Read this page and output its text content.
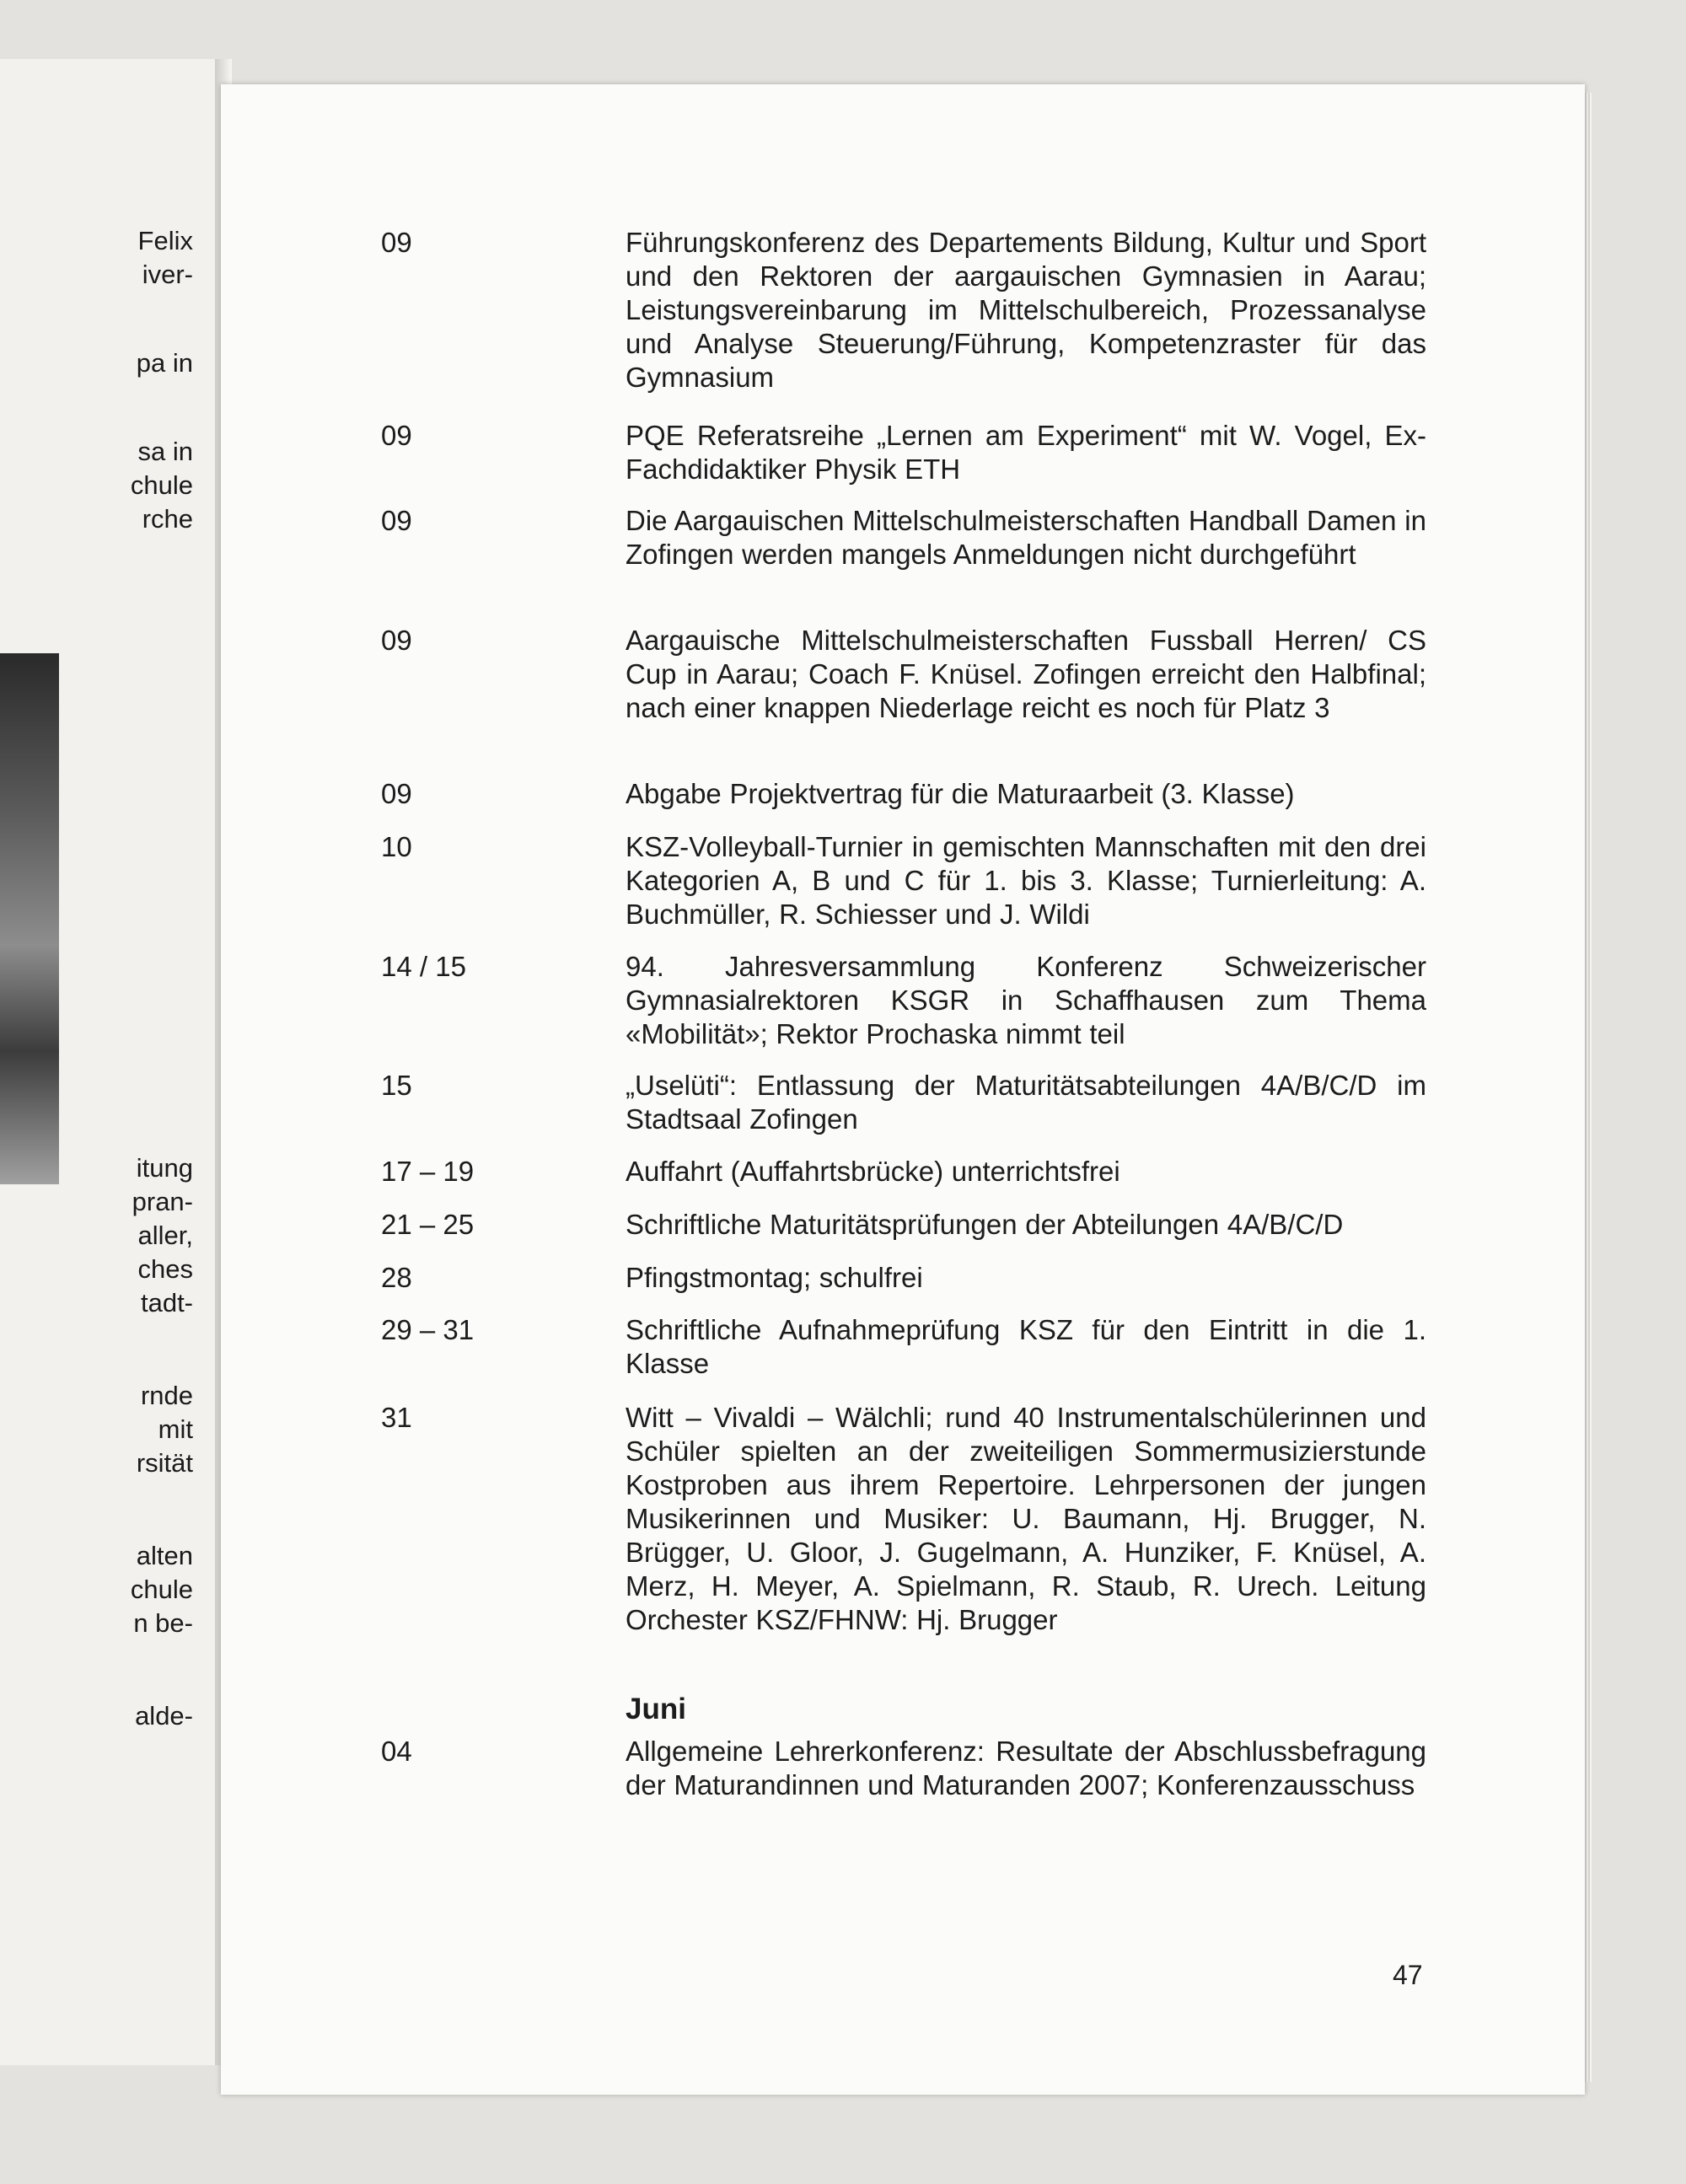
Felix
iver-
pa in
sa in
chule
rche
itung
pran-
aller,
ches
tadt-
rnde
mit
rsität
alten
chule
n be-
alde-
09	Führungskonferenz des Departements Bildung, Kultur und Sport und den Rektoren der aargauischen Gymnasien in Aarau; Leistungsvereinbarung im Mittelschulbereich, Prozessanalyse und Analyse Steuerung/Führung, Kompetenzraster für das Gymnasium
09	PQE Referatsreihe „Lernen am Experiment“ mit W. Vogel, Ex-Fachdidaktiker Physik ETH
09	Die Aargauischen Mittelschulmeisterschaften Handball Damen in Zofingen werden mangels Anmeldungen nicht durchgeführt
09	Aargauische Mittelschulmeisterschaften Fussball Herren/ CS Cup in Aarau; Coach F. Knüsel. Zofingen erreicht den Halbfinal; nach einer knappen Niederlage reicht es noch für Platz 3
09	Abgabe Projektvertrag für die Maturaarbeit (3. Klasse)
10	KSZ-Volleyball-Turnier in gemischten Mannschaften mit den drei Kategorien A, B und C für 1. bis 3. Klasse; Turnierleitung: A. Buchmüller, R. Schiesser und J. Wildi
14 / 15	94. Jahresversammlung Konferenz Schweizerischer Gymnasialrektoren KSGR in Schaffhausen zum Thema «Mobilität»; Rektor Prochaska nimmt teil
15	„Uselüti“: Entlassung der Maturitätsabteilungen 4A/B/C/D im Stadtsaal Zofingen
17 – 19	Auffahrt (Auffahrtsbrücke) unterrichtsfrei
21 – 25	Schriftliche Maturitätsprüfungen der Abteilungen 4A/B/C/D
28	Pfingstmontag; schulfrei
29 – 31	Schriftliche Aufnahmeprüfung KSZ für den Eintritt in die 1. Klasse
31	Witt – Vivaldi – Wälchli; rund 40 Instrumentalschülerinnen und Schüler spielten an der zweiteiligen Sommermusizierstunde Kostproben aus ihrem Repertoire. Lehrpersonen der jungen Musikerinnen und Musiker: U. Baumann, Hj. Brugger, N. Brügger, U. Gloor, J. Gugelmann, A. Hunziker, F. Knüsel, A. Merz, H. Meyer, A. Spielmann, R. Staub, R. Urech. Leitung Orchester KSZ/FHNW: Hj. Brugger
Juni
04	Allgemeine Lehrerkonferenz: Resultate der Abschlussbefragung der Maturandinnen und Maturanden 2007; Konferenzausschuss
47
